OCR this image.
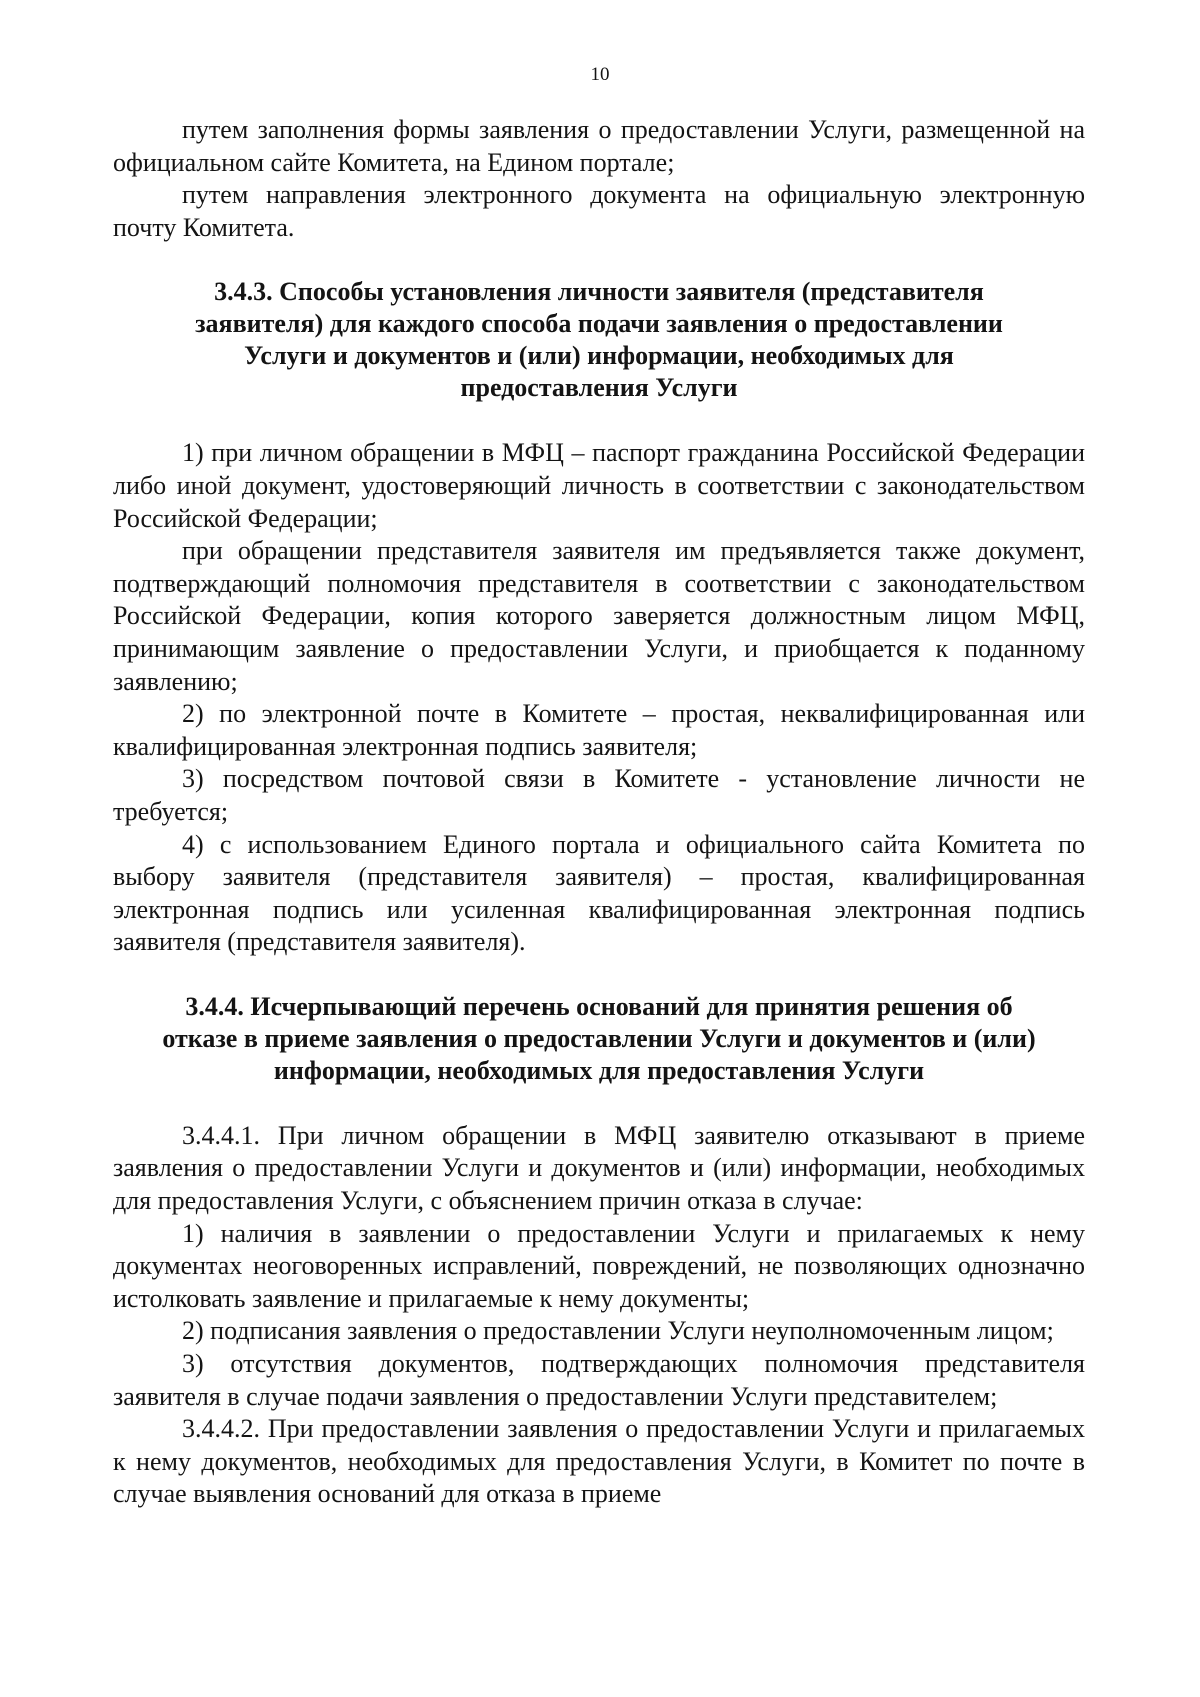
10

путем заполнения формы заявления о предоставлении Услуги, размещенной на официальном сайте Комитета, на Едином портале;

путем направления электронного документа на официальную электронную почту Комитета.

3.4.3. Способы установления личности заявителя (представителя заявителя) для каждого способа подачи заявления о предоставлении Услуги и документов и (или) информации, необходимых для предоставления Услуги

1) при личном обращении в МФЦ – паспорт гражданина Российской Федерации либо иной документ, удостоверяющий личность в соответствии с законодательством Российской Федерации;

при обращении представителя заявителя им предъявляется также документ, подтверждающий полномочия представителя в соответствии с законодательством Российской Федерации, копия которого заверяется должностным лицом МФЦ, принимающим заявление о предоставлении Услуги, и приобщается к поданному заявлению;

2) по электронной почте в Комитете – простая, неквалифицированная или квалифицированная электронная подпись заявителя;

3) посредством почтовой связи в Комитете - установление личности не требуется;

4) с использованием Единого портала и официального сайта Комитета по выбору заявителя (представителя заявителя) – простая, квалифицированная электронная подпись или усиленная квалифицированная электронная подпись заявителя (представителя заявителя).

3.4.4. Исчерпывающий перечень оснований для принятия решения об отказе в приеме заявления о предоставлении Услуги и документов и (или) информации, необходимых для предоставления Услуги

3.4.4.1. При личном обращении в МФЦ заявителю отказывают в приеме заявления о предоставлении Услуги и документов и (или) информации, необходимых для предоставления Услуги, с объяснением причин отказа в случае:

1) наличия в заявлении о предоставлении Услуги и прилагаемых к нему документах неоговоренных исправлений, повреждений, не позволяющих однозначно истолковать заявление и прилагаемые к нему документы;

2) подписания заявления о предоставлении Услуги неуполномоченным лицом;

3) отсутствия документов, подтверждающих полномочия представителя заявителя в случае подачи заявления о предоставлении Услуги представителем;

3.4.4.2. При предоставлении заявления о предоставлении Услуги и прилагаемых к нему документов, необходимых для предоставления Услуги, в Комитет по почте в случае выявления оснований для отказа в приеме
